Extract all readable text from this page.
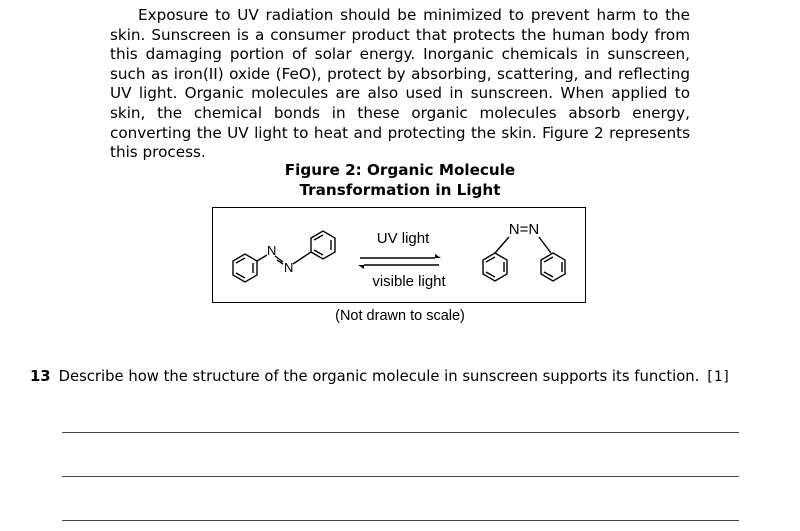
Exposure to UV radiation should be minimized to prevent harm to the skin. Sunscreen is a consumer product that protects the human body from this damaging portion of solar energy. Inorganic chemicals in sunscreen, such as iron(II) oxide (FeO), protect by absorbing, scattering, and reflecting UV light. Organic molecules are also used in sunscreen. When applied to skin, the chemical bonds in these organic molecules absorb energy, converting the UV light to heat and protecting the skin. Figure 2 represents this process.
Figure 2: Organic Molecule
Transformation in Light
N
N
UV light
visible light
N=N
(Not drawn to scale)
13 Describe how the structure of the organic molecule in sunscreen supports its function. [1]
